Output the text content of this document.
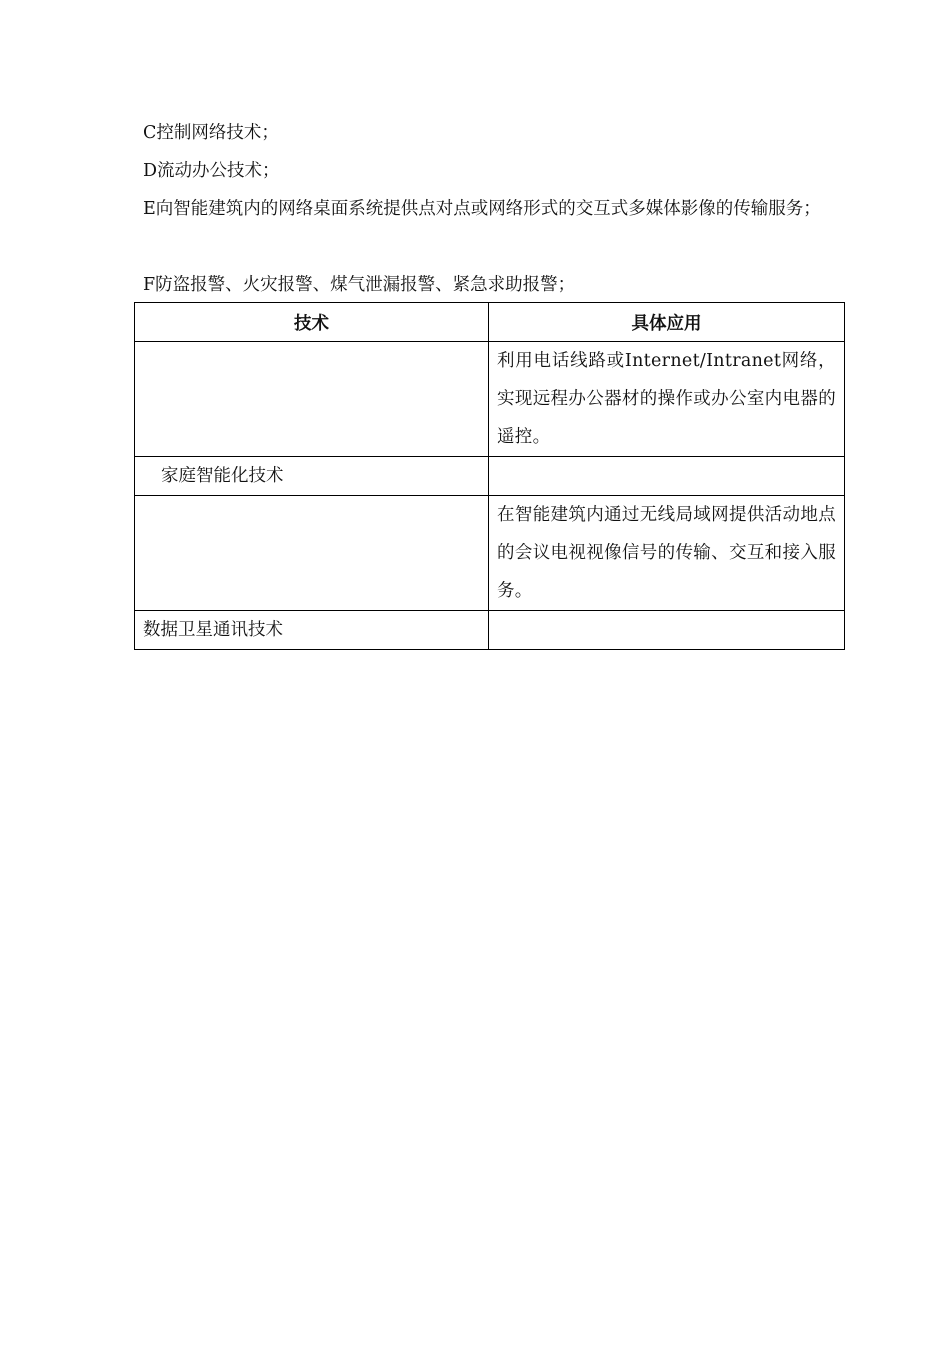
C控制网络技术；

D流动办公技术；

E向智能建筑内的网络桌面系统提供点对点或网络形式的交互式多媒体影像的传输服务；

F防盗报警、火灾报警、煤气泄漏报警、紧急求助报警；

技术	具体应用
	利用电话线路或Internet/Intranet网络，实现远程办公器材的操作或办公室内电器的遥控。
家庭智能化技术	
	在智能建筑内通过无线局域网提供活动地点的会议电视视像信号的传输、交互和接入服务。
数据卫星通讯技术	
